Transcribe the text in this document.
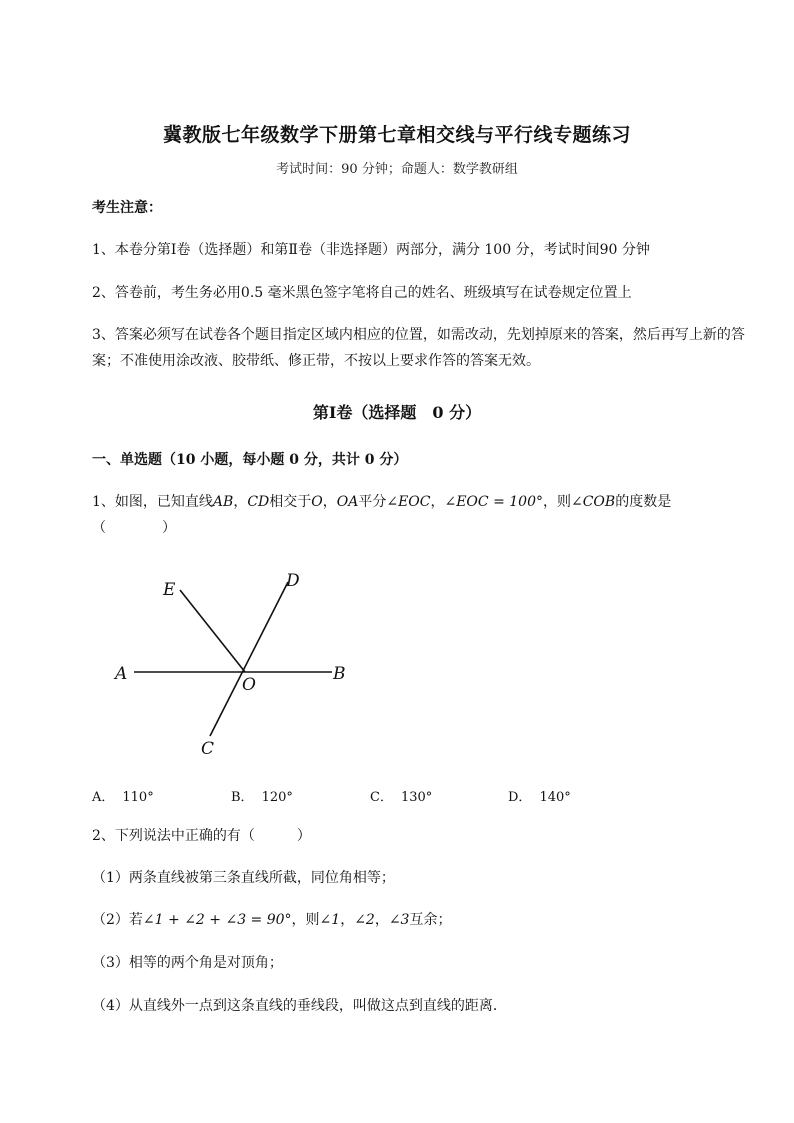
冀教版七年级数学下册第七章相交线与平行线专题练习
考试时间：90 分钟；命题人：数学教研组
考生注意：
1、本卷分第Ⅰ卷（选择题）和第Ⅱ卷（非选择题）两部分，满分 100 分，考试时间90 分钟
2、答卷前，考生务必用0.5 毫米黑色签字笔将自己的姓名、班级填写在试卷规定位置上
3、答案必须写在试卷各个题目指定区域内相应的位置，如需改动，先划掉原来的答案，然后再写上新的答案；不准使用涂改液、胶带纸、修正带，不按以上要求作答的答案无效。
第Ⅰ卷（选择题　0 分）
一、单选题（10 小题，每小题 0 分，共计 0 分）
1、如图，已知直线AB，CD相交于O，OA平分∠EOC，∠EOC = 100°，则∠COB的度数是
（　　　　）
E	D
A
O
B
C
A． 110°	B． 120°	C． 130°	D． 140°
2、下列说法中正确的有（　　　）
（1）两条直线被第三条直线所截，同位角相等；
（2）若∠1 + ∠2 + ∠3 = 90°，则∠1，∠2，∠3互余；
（3）相等的两个角是对顶角；
（4）从直线外一点到这条直线的垂线段，叫做这点到直线的距离．
